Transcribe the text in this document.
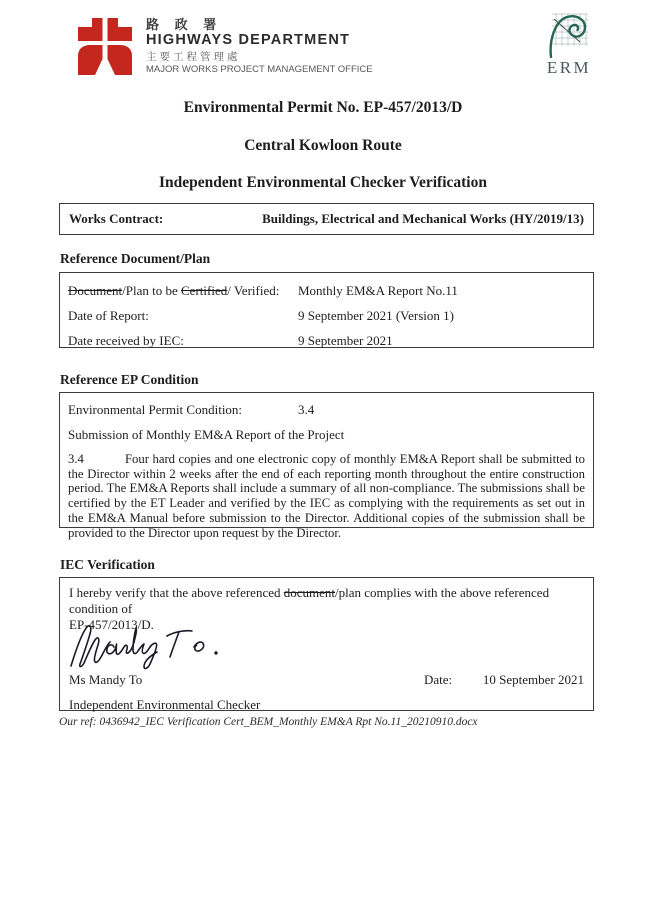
路 政 署
HIGHWAYS DEPARTMENT
主要工程管理處
MAJOR WORKS PROJECT MANAGEMENT OFFICE	ERM
Environmental Permit No. EP-457/2013/D
Central Kowloon Route
Independent Environmental Checker Verification
Works Contract:	Buildings, Electrical and Mechanical Works (HY/2019/13)
Reference Document/Plan
Document/Plan to be Certified/ Verified:	Monthly EM&A Report No.11
Date of Report:	9 September 2021 (Version 1)
Date received by IEC:	9 September 2021
Reference EP Condition
Environmental Permit Condition:	3.4
Submission of Monthly EM&A Report of the Project
3.4	Four hard copies and one electronic copy of monthly EM&A Report shall be submitted to the Director within 2 weeks after the end of each reporting month throughout the entire construction period. The EM&A Reports shall include a summary of all non-compliance. The submissions shall be certified by the ET Leader and verified by the IEC as complying with the requirements as set out in the EM&A Manual before submission to the Director. Additional copies of the submission shall be provided to the Director upon request by the Director.
IEC Verification
I hereby verify that the above referenced document/plan complies with the above referenced condition of
EP-457/2013/D.
Ms Mandy To	Date: 10 September 2021
Independent Environmental Checker
Our ref: 0436942_IEC Verification Cert_BEM_Monthly EM&A Rpt No.11_20210910.docx
